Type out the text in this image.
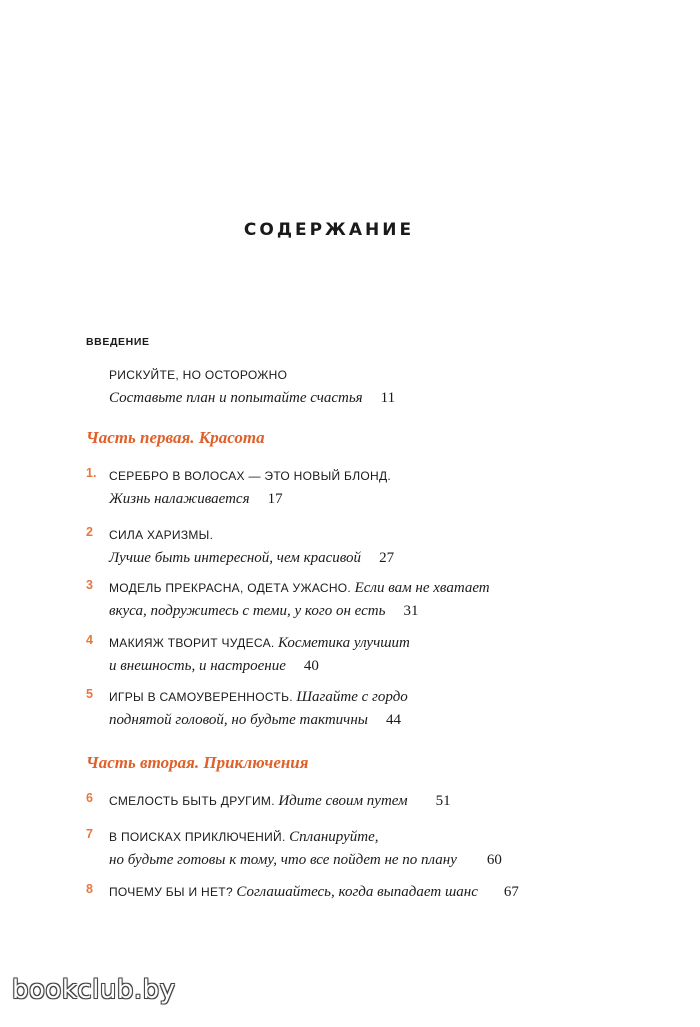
СОДЕРЖАНИЕ
ВВЕДЕНИЕ
РИСКУЙТЕ, НО ОСТОРОЖНО
Составьте план и попытайте счастья 11
Часть первая. Красота
1. СЕРЕБРО В ВОЛОСАХ — ЭТО НОВЫЙ БЛОНД.
Жизнь налаживается 17
2 СИЛА ХАРИЗМЫ.
Лучше быть интересной, чем красивой 27
3 МОДЕЛЬ ПРЕКРАСНА, ОДЕТА УЖАСНО. Если вам не хватает
вкуса, подружитесь с теми, у кого он есть 31
4 МАКИЯЖ ТВОРИТ ЧУДЕСА. Косметика улучшит
и внешность, и настроение 40
5 ИГРЫ В САМОУВЕРЕННОСТЬ. Шагайте с гордо
поднятой головой, но будьте тактичны 44
Часть вторая. Приключения
6 СМЕЛОСТЬ БЫТЬ ДРУГИМ. Идите своим путем 51
7 В ПОИСКАХ ПРИКЛЮЧЕНИЙ. Спланируйте,
но будьте готовы к тому, что все пойдет не по плану 60
8 ПОЧЕМУ БЫ И НЕТ? Соглашайтесь, когда выпадает шанс 67
bookclub.by
